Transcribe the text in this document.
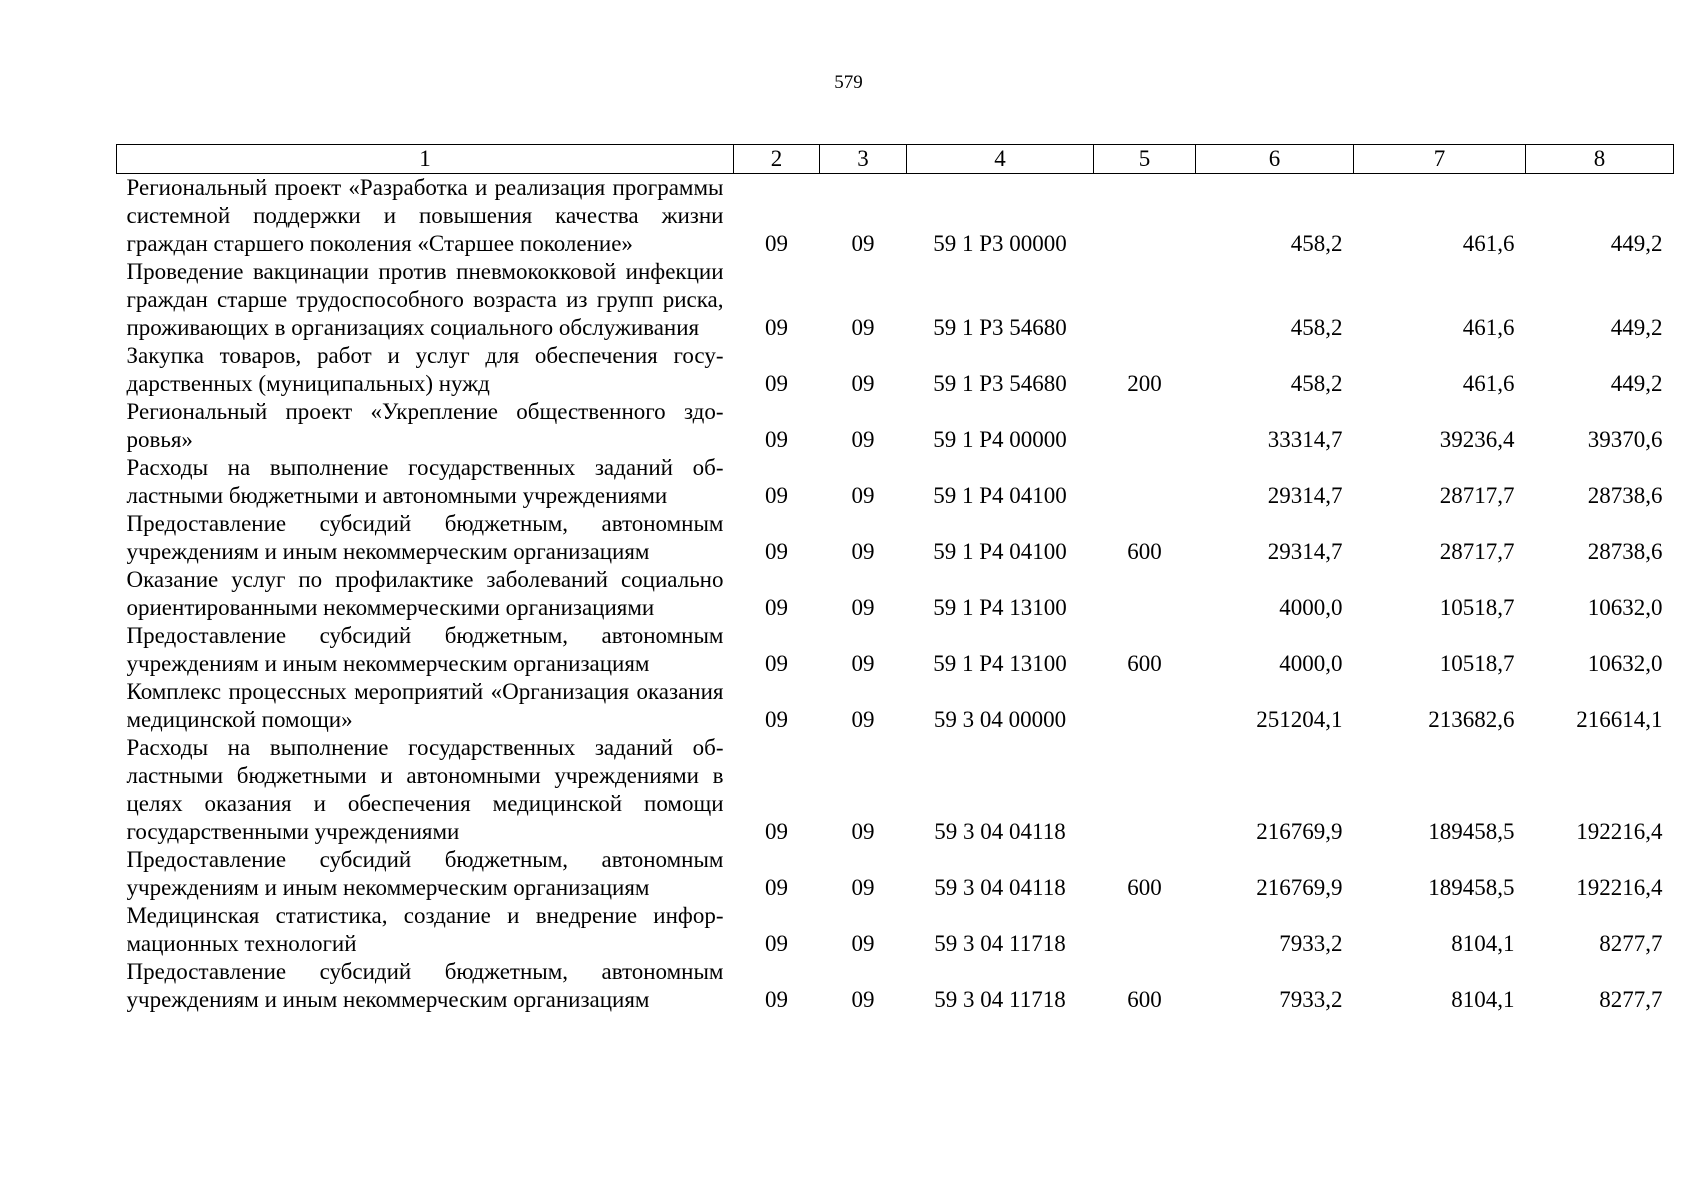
579
1	2	3	4	5	6	7	8
Региональный проект «Разработка и реализация программы системной поддержки и повышения качества жизни граждан старшего поколения «Старшее поколение»	09	09	59 1 Р3 00000		458,2	461,6	449,2
Проведение вакцинации против пневмококковой инфекции граждан старше трудоспособного возраста из групп риска, проживающих в организациях социального обслуживания	09	09	59 1 Р3 54680		458,2	461,6	449,2
Закупка товаров, работ и услуг для обеспечения государственных (муниципальных) нужд	09	09	59 1 Р3 54680	200	458,2	461,6	449,2
Региональный проект «Укрепление общественного здоровья»	09	09	59 1 Р4 00000		33314,7	39236,4	39370,6
Расходы на выполнение государственных заданий областными бюджетными и автономными учреждениями	09	09	59 1 Р4 04100		29314,7	28717,7	28738,6
Предоставление субсидий бюджетным, автономным учреждениям и иным некоммерческим организациям	09	09	59 1 Р4 04100	600	29314,7	28717,7	28738,6
Оказание услуг по профилактике заболеваний социально ориентированными некоммерческими организациями	09	09	59 1 Р4 13100		4000,0	10518,7	10632,0
Предоставление субсидий бюджетным, автономным учреждениям и иным некоммерческим организациям	09	09	59 1 Р4 13100	600	4000,0	10518,7	10632,0
Комплекс процессных мероприятий «Организация оказания медицинской помощи»	09	09	59 3 04 00000		251204,1	213682,6	216614,1
Расходы на выполнение государственных заданий областными бюджетными и автономными учреждениями в целях оказания и обеспечения медицинской помощи государственными учреждениями	09	09	59 3 04 04118		216769,9	189458,5	192216,4
Предоставление субсидий бюджетным, автономным учреждениям и иным некоммерческим организациям	09	09	59 3 04 04118	600	216769,9	189458,5	192216,4
Медицинская статистика, создание и внедрение информационных технологий	09	09	59 3 04 11718		7933,2	8104,1	8277,7
Предоставление субсидий бюджетным, автономным учреждениям и иным некоммерческим организациям	09	09	59 3 04 11718	600	7933,2	8104,1	8277,7
